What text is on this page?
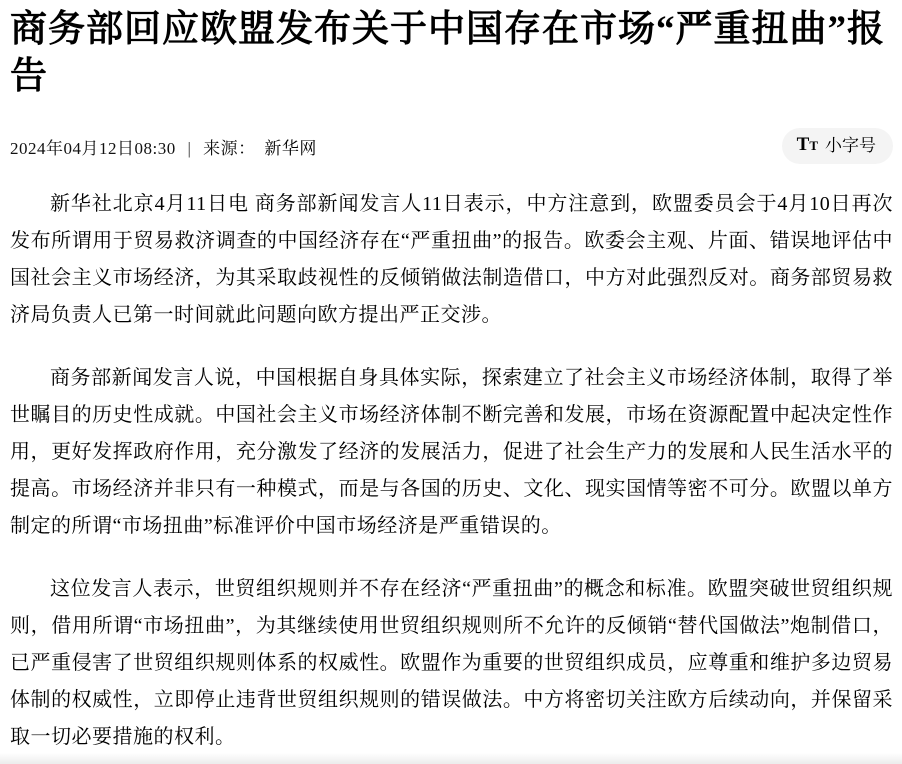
商务部回应欧盟发布关于中国存在市场“严重扭曲”报告
2024年04月12日08:30 | 来源： 新华网	TT 小字号

新华社北京4月11日电 商务部新闻发言人11日表示，中方注意到，欧盟委员会于4月10日再次发布所谓用于贸易救济调查的中国经济存在“严重扭曲”的报告。欧委会主观、片面、错误地评估中国社会主义市场经济，为其采取歧视性的反倾销做法制造借口，中方对此强烈反对。商务部贸易救济局负责人已第一时间就此问题向欧方提出严正交涉。

商务部新闻发言人说，中国根据自身具体实际，探索建立了社会主义市场经济体制，取得了举世瞩目的历史性成就。中国社会主义市场经济体制不断完善和发展，市场在资源配置中起决定性作用，更好发挥政府作用，充分激发了经济的发展活力，促进了社会生产力的发展和人民生活水平的提高。市场经济并非只有一种模式，而是与各国的历史、文化、现实国情等密不可分。欧盟以单方制定的所谓“市场扭曲”标准评价中国市场经济是严重错误的。

这位发言人表示，世贸组织规则并不存在经济“严重扭曲”的概念和标准。欧盟突破世贸组织规则，借用所谓“市场扭曲”，为其继续使用世贸组织规则所不允许的反倾销“替代国做法”炮制借口，已严重侵害了世贸组织规则体系的权威性。欧盟作为重要的世贸组织成员，应尊重和维护多边贸易体制的权威性，立即停止违背世贸组织规则的错误做法。中方将密切关注欧方后续动向，并保留采取一切必要措施的权利。
